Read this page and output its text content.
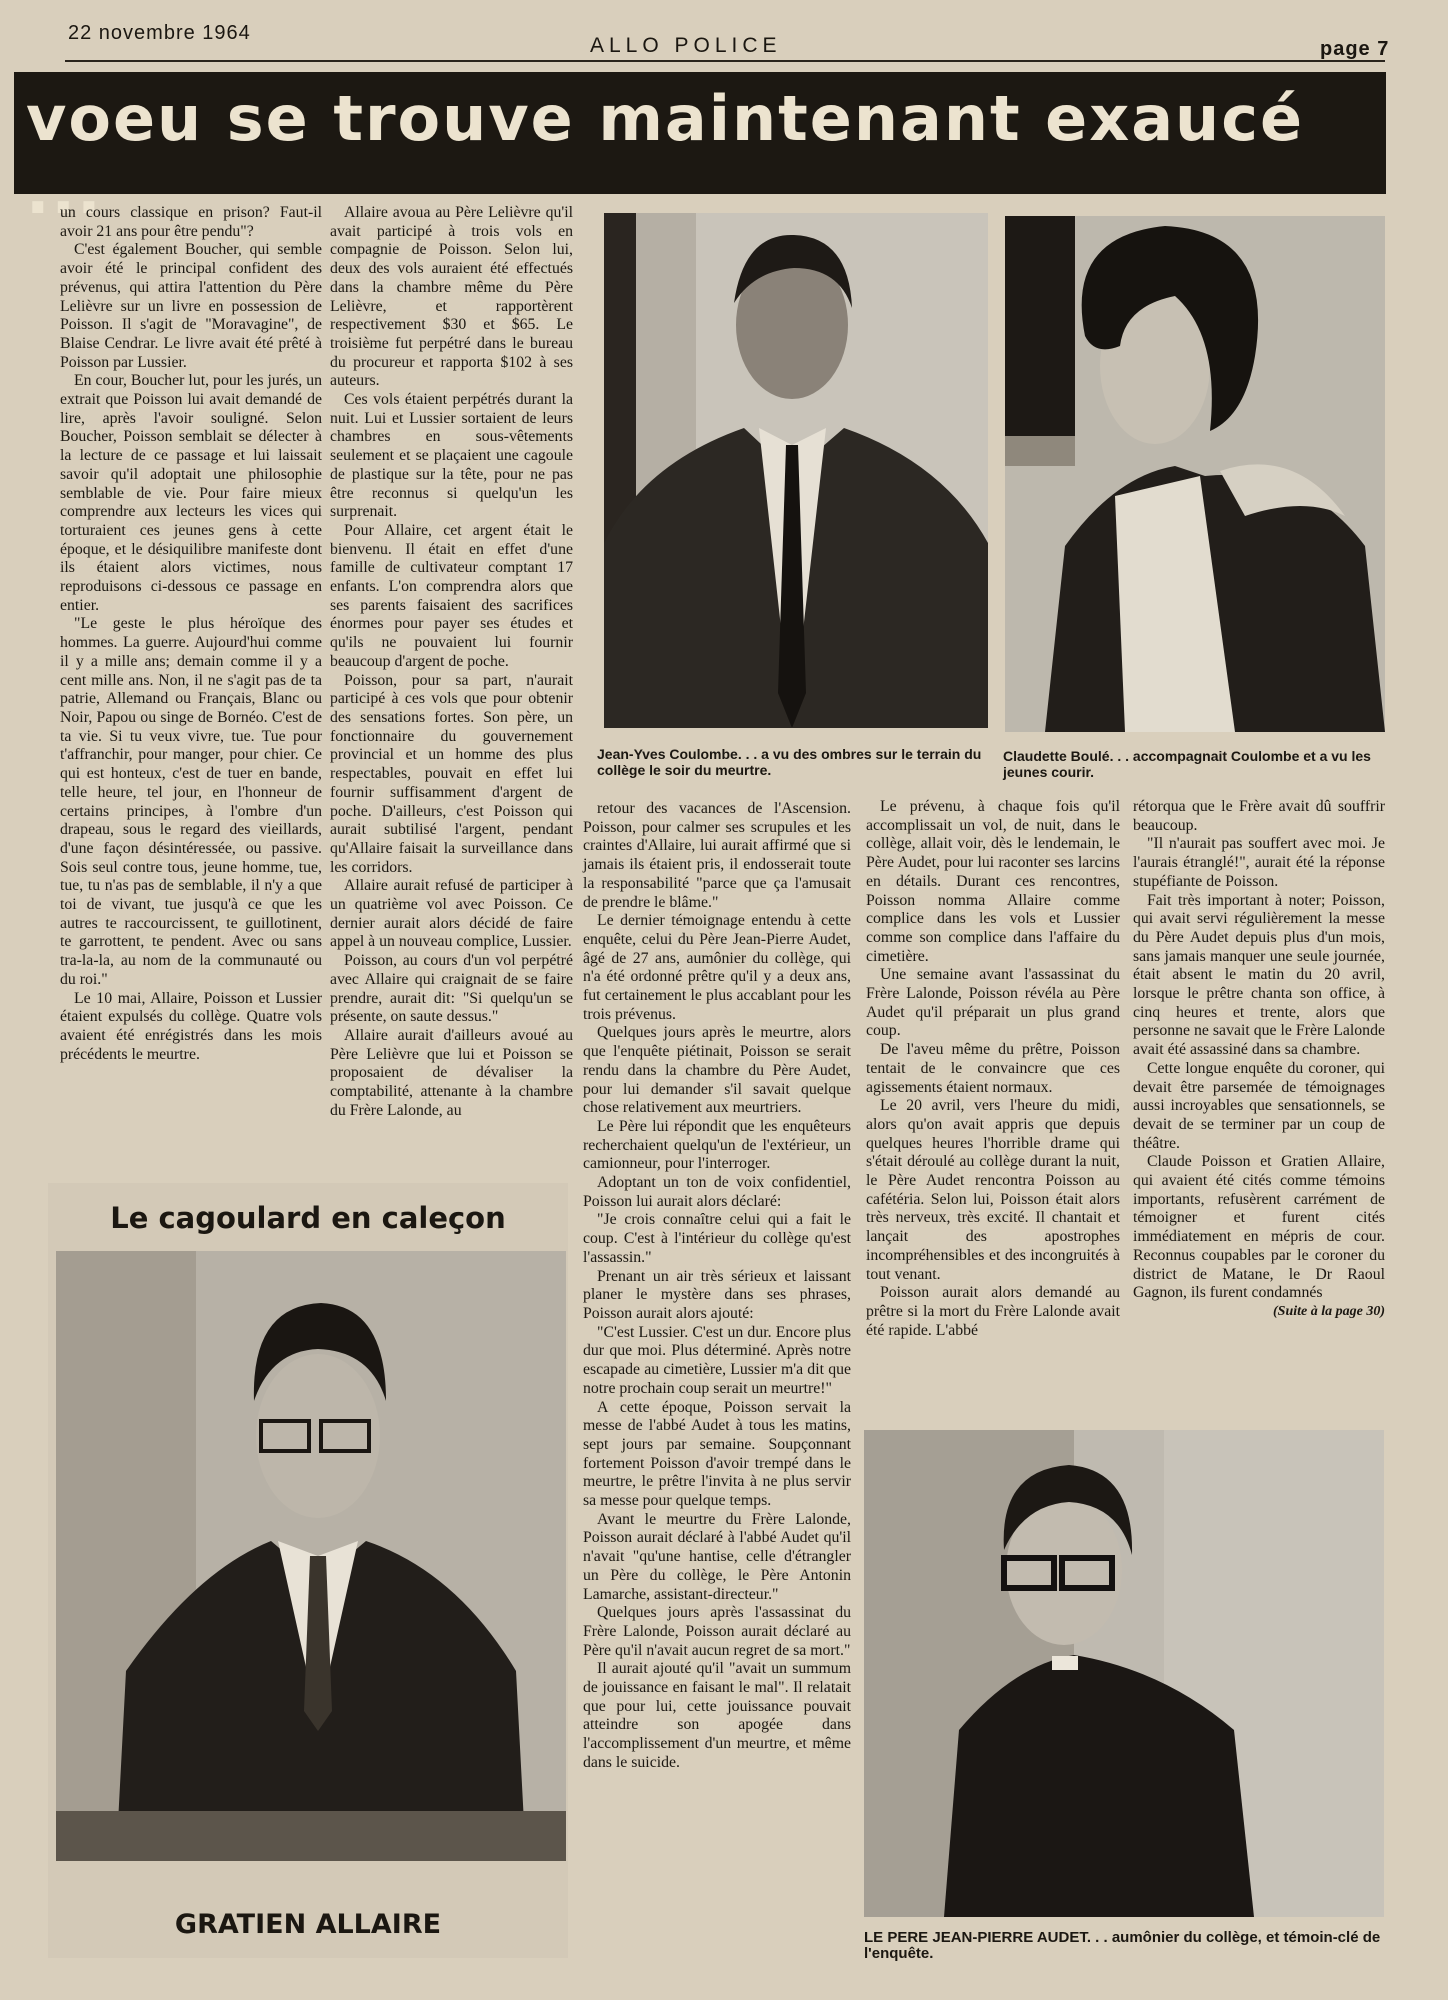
22 novembre 1964
ALLO POLICE	page 7
voeu se trouve maintenant exaucé ...

un cours classique en prison? Faut-il avoir 21 ans pour être pendu"?

C'est également Boucher, qui semble avoir été le principal confident des prévenus, qui attira l'attention du Père Lelièvre sur un livre en possession de Poisson. Il s'agit de "Moravagine", de Blaise Cendrar. Le livre avait été prêté à Poisson par Lussier.

En cour, Boucher lut, pour les jurés, un extrait que Poisson lui avait demandé de lire, après l'avoir souligné. Selon Boucher, Poisson semblait se délecter à la lecture de ce passage et lui laissait savoir qu'il adoptait une philosophie semblable de vie. Pour faire mieux comprendre aux lecteurs les vices qui torturaient ces jeunes gens à cette époque, et le désiquilibre manifeste dont ils étaient alors victimes, nous reproduisons ci-dessous ce passage en entier.

"Le geste le plus héroïque des hommes. La guerre. Aujourd'hui comme il y a mille ans; demain comme il y a cent mille ans. Non, il ne s'agit pas de ta patrie, Allemand ou Français, Blanc ou Noir, Papou ou singe de Bornéo. C'est de ta vie. Si tu veux vivre, tue. Tue pour t'affranchir, pour manger, pour chier. Ce qui est honteux, c'est de tuer en bande, telle heure, tel jour, en l'honneur de certains principes, à l'ombre d'un drapeau, sous le regard des vieillards, d'une façon désintéressée, ou passive. Sois seul contre tous, jeune homme, tue, tue, tu n'as pas de semblable, il n'y a que toi de vivant, tue jusqu'à ce que les autres te raccourcissent, te guillotinent, te garrottent, te pendent. Avec ou sans tra-la-la, au nom de la communauté ou du roi."

Le 10 mai, Allaire, Poisson et Lussier étaient expulsés du collège. Quatre vols avaient été enrégistrés dans les mois précédents le meurtre.

Allaire avoua au Père Lelièvre qu'il avait participé à trois vols en compagnie de Poisson. Selon lui, deux des vols auraient été effectués dans la chambre même du Père Lelièvre, et rapportèrent respectivement $30 et $65. Le troisième fut perpétré dans le bureau du procureur et rapporta $102 à ses auteurs.

Ces vols étaient perpétrés durant la nuit. Lui et Lussier sortaient de leurs chambres en sous-vêtements seulement et se plaçaient une cagoule de plastique sur la tête, pour ne pas être reconnus si quelqu'un les surprenait.

Pour Allaire, cet argent était le bienvenu. Il était en effet d'une famille de cultivateur comptant 17 enfants. L'on comprendra alors que ses parents faisaient des sacrifices énormes pour payer ses études et qu'ils ne pouvaient lui fournir beaucoup d'argent de poche.

Poisson, pour sa part, n'aurait participé à ces vols que pour obtenir des sensations fortes. Son père, un fonctionnaire du gouvernement provincial et un homme des plus respectables, pouvait en effet lui fournir suffisamment d'argent de poche. D'ailleurs, c'est Poisson qui aurait subtilisé l'argent, pendant qu'Allaire faisait la surveillance dans les corridors.

Allaire aurait refusé de participer à un quatrième vol avec Poisson. Ce dernier aurait alors décidé de faire appel à un nouveau complice, Lussier.

Poisson, au cours d'un vol perpétré avec Allaire qui craignait de se faire prendre, aurait dit: "Si quelqu'un se présente, on saute dessus."

Allaire aurait d'ailleurs avoué au Père Lelièvre que lui et Poisson se proposaient de dévaliser la comptabilité, attenante à la chambre du Frère Lalonde, au

Jean-Yves Coulombe. . . a vu des ombres sur le terrain du collège le soir du meurtre.
Claudette Boulé. . . accompagnait Coulombe et a vu les jeunes courir.

retour des vacances de l'Ascension. Poisson, pour calmer ses scrupules et les craintes d'Allaire, lui aurait affirmé que si jamais ils étaient pris, il endosserait toute la responsabilité "parce que ça l'amusait de prendre le blâme."

Le dernier témoignage entendu à cette enquête, celui du Père Jean-Pierre Audet, âgé de 27 ans, aumônier du collège, qui n'a été ordonné prêtre qu'il y a deux ans, fut certainement le plus accablant pour les trois prévenus.

Quelques jours après le meurtre, alors que l'enquête piétinait, Poisson se serait rendu dans la chambre du Père Audet, pour lui demander s'il savait quelque chose relativement aux meurtriers.

Le Père lui répondit que les enquêteurs recherchaient quelqu'un de l'extérieur, un camionneur, pour l'interroger.

Adoptant un ton de voix confidentiel, Poisson lui aurait alors déclaré:

"Je crois connaître celui qui a fait le coup. C'est à l'intérieur du collège qu'est l'assassin."

Prenant un air très sérieux et laissant planer le mystère dans ses phrases, Poisson aurait alors ajouté:

"C'est Lussier. C'est un dur. Encore plus dur que moi. Plus déterminé. Après notre escapade au cimetière, Lussier m'a dit que notre prochain coup serait un meurtre!"

A cette époque, Poisson servait la messe de l'abbé Audet à tous les matins, sept jours par semaine. Soupçonnant fortement Poisson d'avoir trempé dans le meurtre, le prêtre l'invita à ne plus servir sa messe pour quelque temps.

Avant le meurtre du Frère Lalonde, Poisson aurait déclaré à l'abbé Audet qu'il n'avait "qu'une hantise, celle d'étrangler un Père du collège, le Père Antonin Lamarche, assistant-directeur."

Quelques jours après l'assassinat du Frère Lalonde, Poisson aurait déclaré au Père qu'il n'avait aucun regret de sa mort."

Il aurait ajouté qu'il "avait un summum de jouissance en faisant le mal". Il relatait que pour lui, cette jouissance pouvait atteindre son apogée dans l'accomplissement d'un meurtre, et même dans le suicide.

Le prévenu, à chaque fois qu'il accomplissait un vol, de nuit, dans le collège, allait voir, dès le lendemain, le Père Audet, pour lui raconter ses larcins en détails. Durant ces rencontres, Poisson nomma Allaire comme complice dans les vols et Lussier comme son complice dans l'affaire du cimetière.

Une semaine avant l'assassinat du Frère Lalonde, Poisson révéla au Père Audet qu'il préparait un plus grand coup.

De l'aveu même du prêtre, Poisson tentait de le convaincre que ces agissements étaient normaux.

Le 20 avril, vers l'heure du midi, alors qu'on avait appris que depuis quelques heures l'horrible drame qui s'était déroulé au collège durant la nuit, le Père Audet rencontra Poisson au cafétéria. Selon lui, Poisson était alors très nerveux, très excité. Il chantait et lançait des apostrophes incompréhensibles et des incongruités à tout venant.

Poisson aurait alors demandé au prêtre si la mort du Frère Lalonde avait été rapide. L'abbé

rétorqua que le Frère avait dû souffrir beaucoup.

"Il n'aurait pas souffert avec moi. Je l'aurais étranglé!", aurait été la réponse stupéfiante de Poisson.

Fait très important à noter; Poisson, qui avait servi régulièrement la messe du Père Audet depuis plus d'un mois, sans jamais manquer une seule journée, était absent le matin du 20 avril, lorsque le prêtre chanta son office, à cinq heures et trente, alors que personne ne savait que le Frère Lalonde avait été assassiné dans sa chambre.

Cette longue enquête du coroner, qui devait être parsemée de témoignages aussi incroyables que sensationnels, se devait de se terminer par un coup de théâtre.

Claude Poisson et Gratien Allaire, qui avaient été cités comme témoins importants, refusèrent carrément de témoigner et furent cités immédiatement en mépris de cour. Reconnus coupables par le coroner du district de Matane, le Dr Raoul Gagnon, ils furent condamnés

(Suite à la page 30)
Le cagoulard en caleçon
GRATIEN ALLAIRE	LE PERE JEAN-PIERRE AUDET. . . aumônier du collège, et témoin-clé de l'enquête.
